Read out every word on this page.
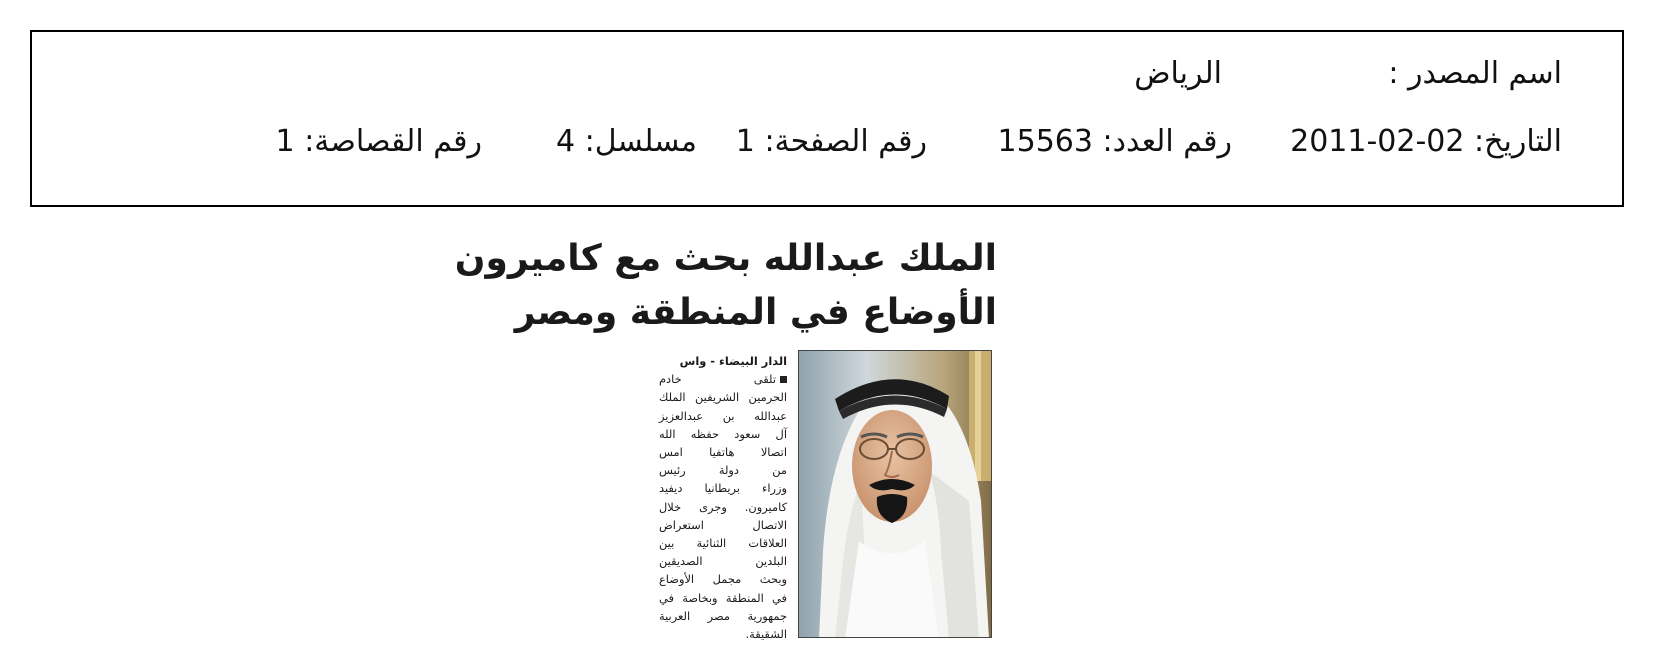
اسم المصدر :
الرياض
التاريخ: 2011-02-02
رقم العدد: 15563
رقم الصفحة: 1
مسلسل: 4
رقم القصاصة: 1
الملك عبدالله بحث مع كاميرون
الأوضاع في المنطقة ومصر
الدار البيضاء - واس
تلقى خادم
الحرمين الشريفين الملك
عبدالله بن عبدالعزيز
آل سعود حفظه الله
اتصالا هاتفيا امس
من دولة رئيس
وزراء بريطانيا ديفيد
كاميرون. وجرى خلال
الاتصال استعراض
العلاقات الثنائية بين
البلدين الصديقين
وبحث مجمل الأوضاع
في المنطقة وبخاصة في
جمهورية مصر العربية
الشقيقة.
